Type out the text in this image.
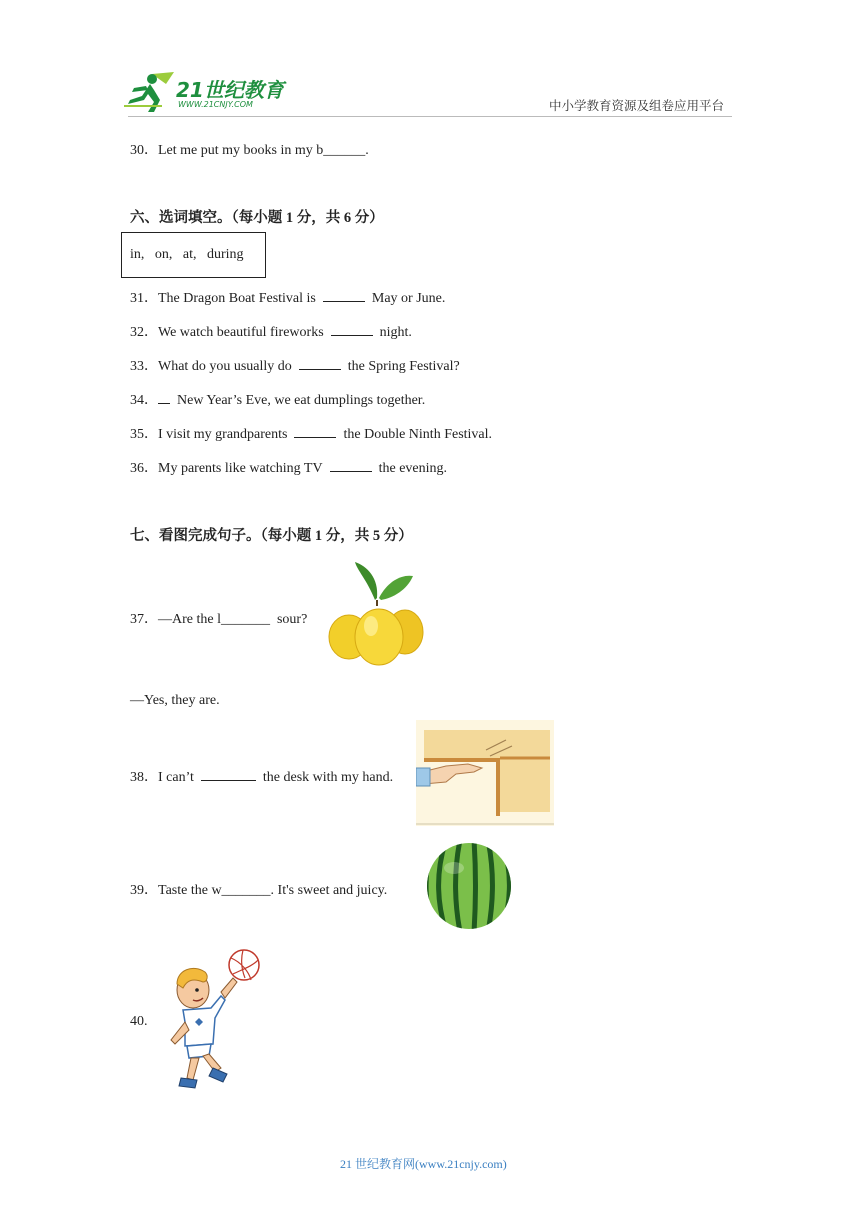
21世纪教育
WWW.21CNJY.COM	中小学教育资源及组卷应用平台
30．Let me put my books in my b______.
六、选词填空。（每小题 1 分，共 6 分）
in,   on,   at,   during
31．The Dragon Boat Festival is	May or June.
32．We watch beautiful fireworks	night.
33．What do you usually do	the Spring Festival?
34． New Year’s Eve, we eat dumplings together.
35．I visit my grandparents	the Double Ninth Festival.
36．My parents like watching TV	the evening.
七、看图完成句子。（每小题 1 分，共 5 分）
37．—Are the l_______  sour?
—Yes, they are.
38．I can’t	the desk with my hand.
39．Taste the w_______. It's sweet and juicy.
40.
21 世纪教育网(www.21cnjy.com)
